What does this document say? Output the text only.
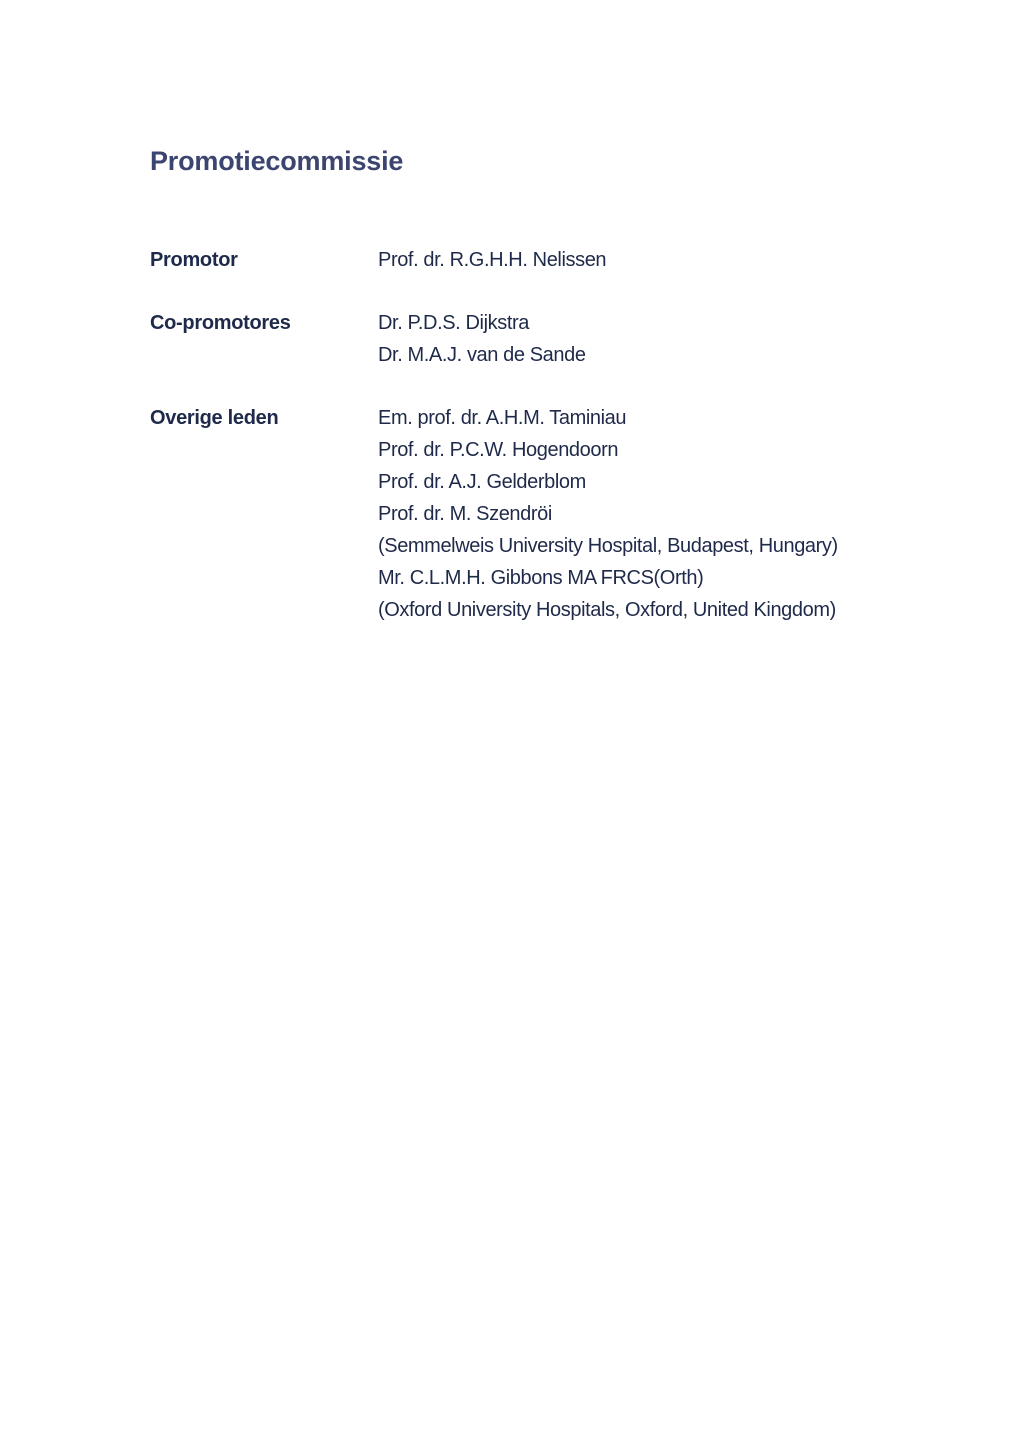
Promotiecommissie
Promotor	Prof. dr. R.G.H.H. Nelissen
Co-promotores	Dr. P.D.S. Dijkstra
Dr. M.A.J. van de Sande
Overige leden	Em. prof. dr. A.H.M. Taminiau
Prof. dr. P.C.W. Hogendoorn
Prof. dr. A.J. Gelderblom
Prof. dr. M. Szendröi
(Semmelweis University Hospital, Budapest, Hungary)
Mr. C.L.M.H. Gibbons MA FRCS(Orth)
(Oxford University Hospitals, Oxford, United Kingdom)
